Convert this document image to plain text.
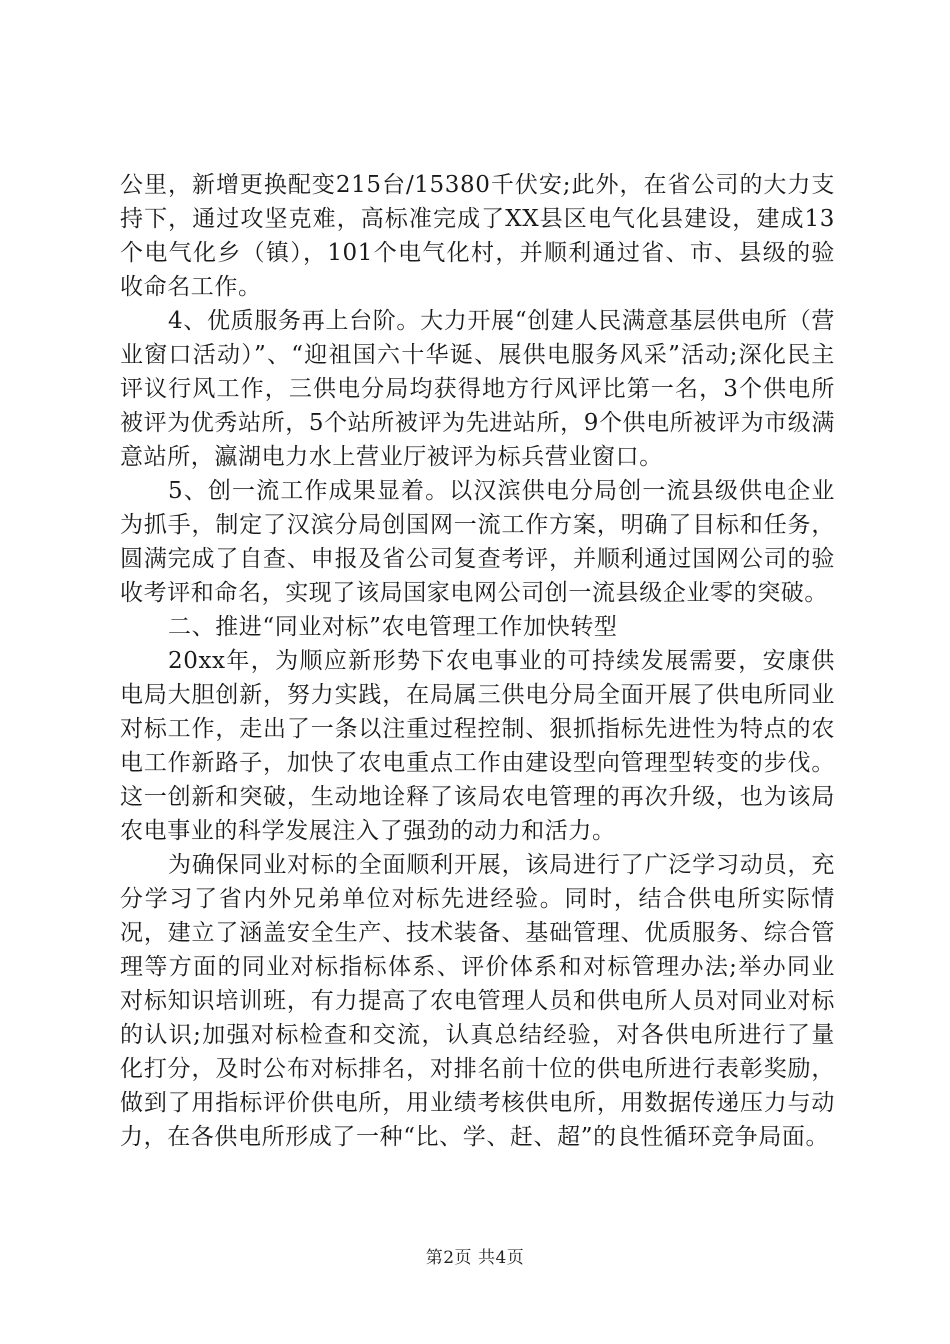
公里，新增更换配变215台/15380千伏安;此外，在省公司的大力支持下，通过攻坚克难，高标准完成了XX县区电气化县建设，建成13个电气化乡（镇），101个电气化村，并顺利通过省、市、县级的验收命名工作。

4、优质服务再上台阶。大力开展“创建人民满意基层供电所（营业窗口活动）”、“迎祖国六十华诞、展供电服务风采”活动;深化民主评议行风工作，三供电分局均获得地方行风评比第一名，3个供电所被评为优秀站所，5个站所被评为先进站所，9个供电所被评为市级满意站所，瀛湖电力水上营业厅被评为标兵营业窗口。

5、创一流工作成果显着。以汉滨供电分局创一流县级供电企业为抓手，制定了汉滨分局创国网一流工作方案，明确了目标和任务，圆满完成了自查、申报及省公司复查考评，并顺利通过国网公司的验收考评和命名，实现了该局国家电网公司创一流县级企业零的突破。

二、推进“同业对标”农电管理工作加快转型

20xx年，为顺应新形势下农电事业的可持续发展需要，安康供电局大胆创新，努力实践，在局属三供电分局全面开展了供电所同业对标工作，走出了一条以注重过程控制、狠抓指标先进性为特点的农电工作新路子，加快了农电重点工作由建设型向管理型转变的步伐。这一创新和突破，生动地诠释了该局农电管理的再次升级，也为该局农电事业的科学发展注入了强劲的动力和活力。

为确保同业对标的全面顺利开展，该局进行了广泛学习动员，充分学习了省内外兄弟单位对标先进经验。同时，结合供电所实际情况，建立了涵盖安全生产、技术装备、基础管理、优质服务、综合管理等方面的同业对标指标体系、评价体系和对标管理办法;举办同业对标知识培训班，有力提高了农电管理人员和供电所人员对同业对标的认识;加强对标检查和交流，认真总结经验，对各供电所进行了量化打分，及时公布对标排名，对排名前十位的供电所进行表彰奖励，做到了用指标评价供电所，用业绩考核供电所，用数据传递压力与动力，在各供电所形成了一种“比、学、赶、超”的良性循环竞争局面。

第2页 共4页
